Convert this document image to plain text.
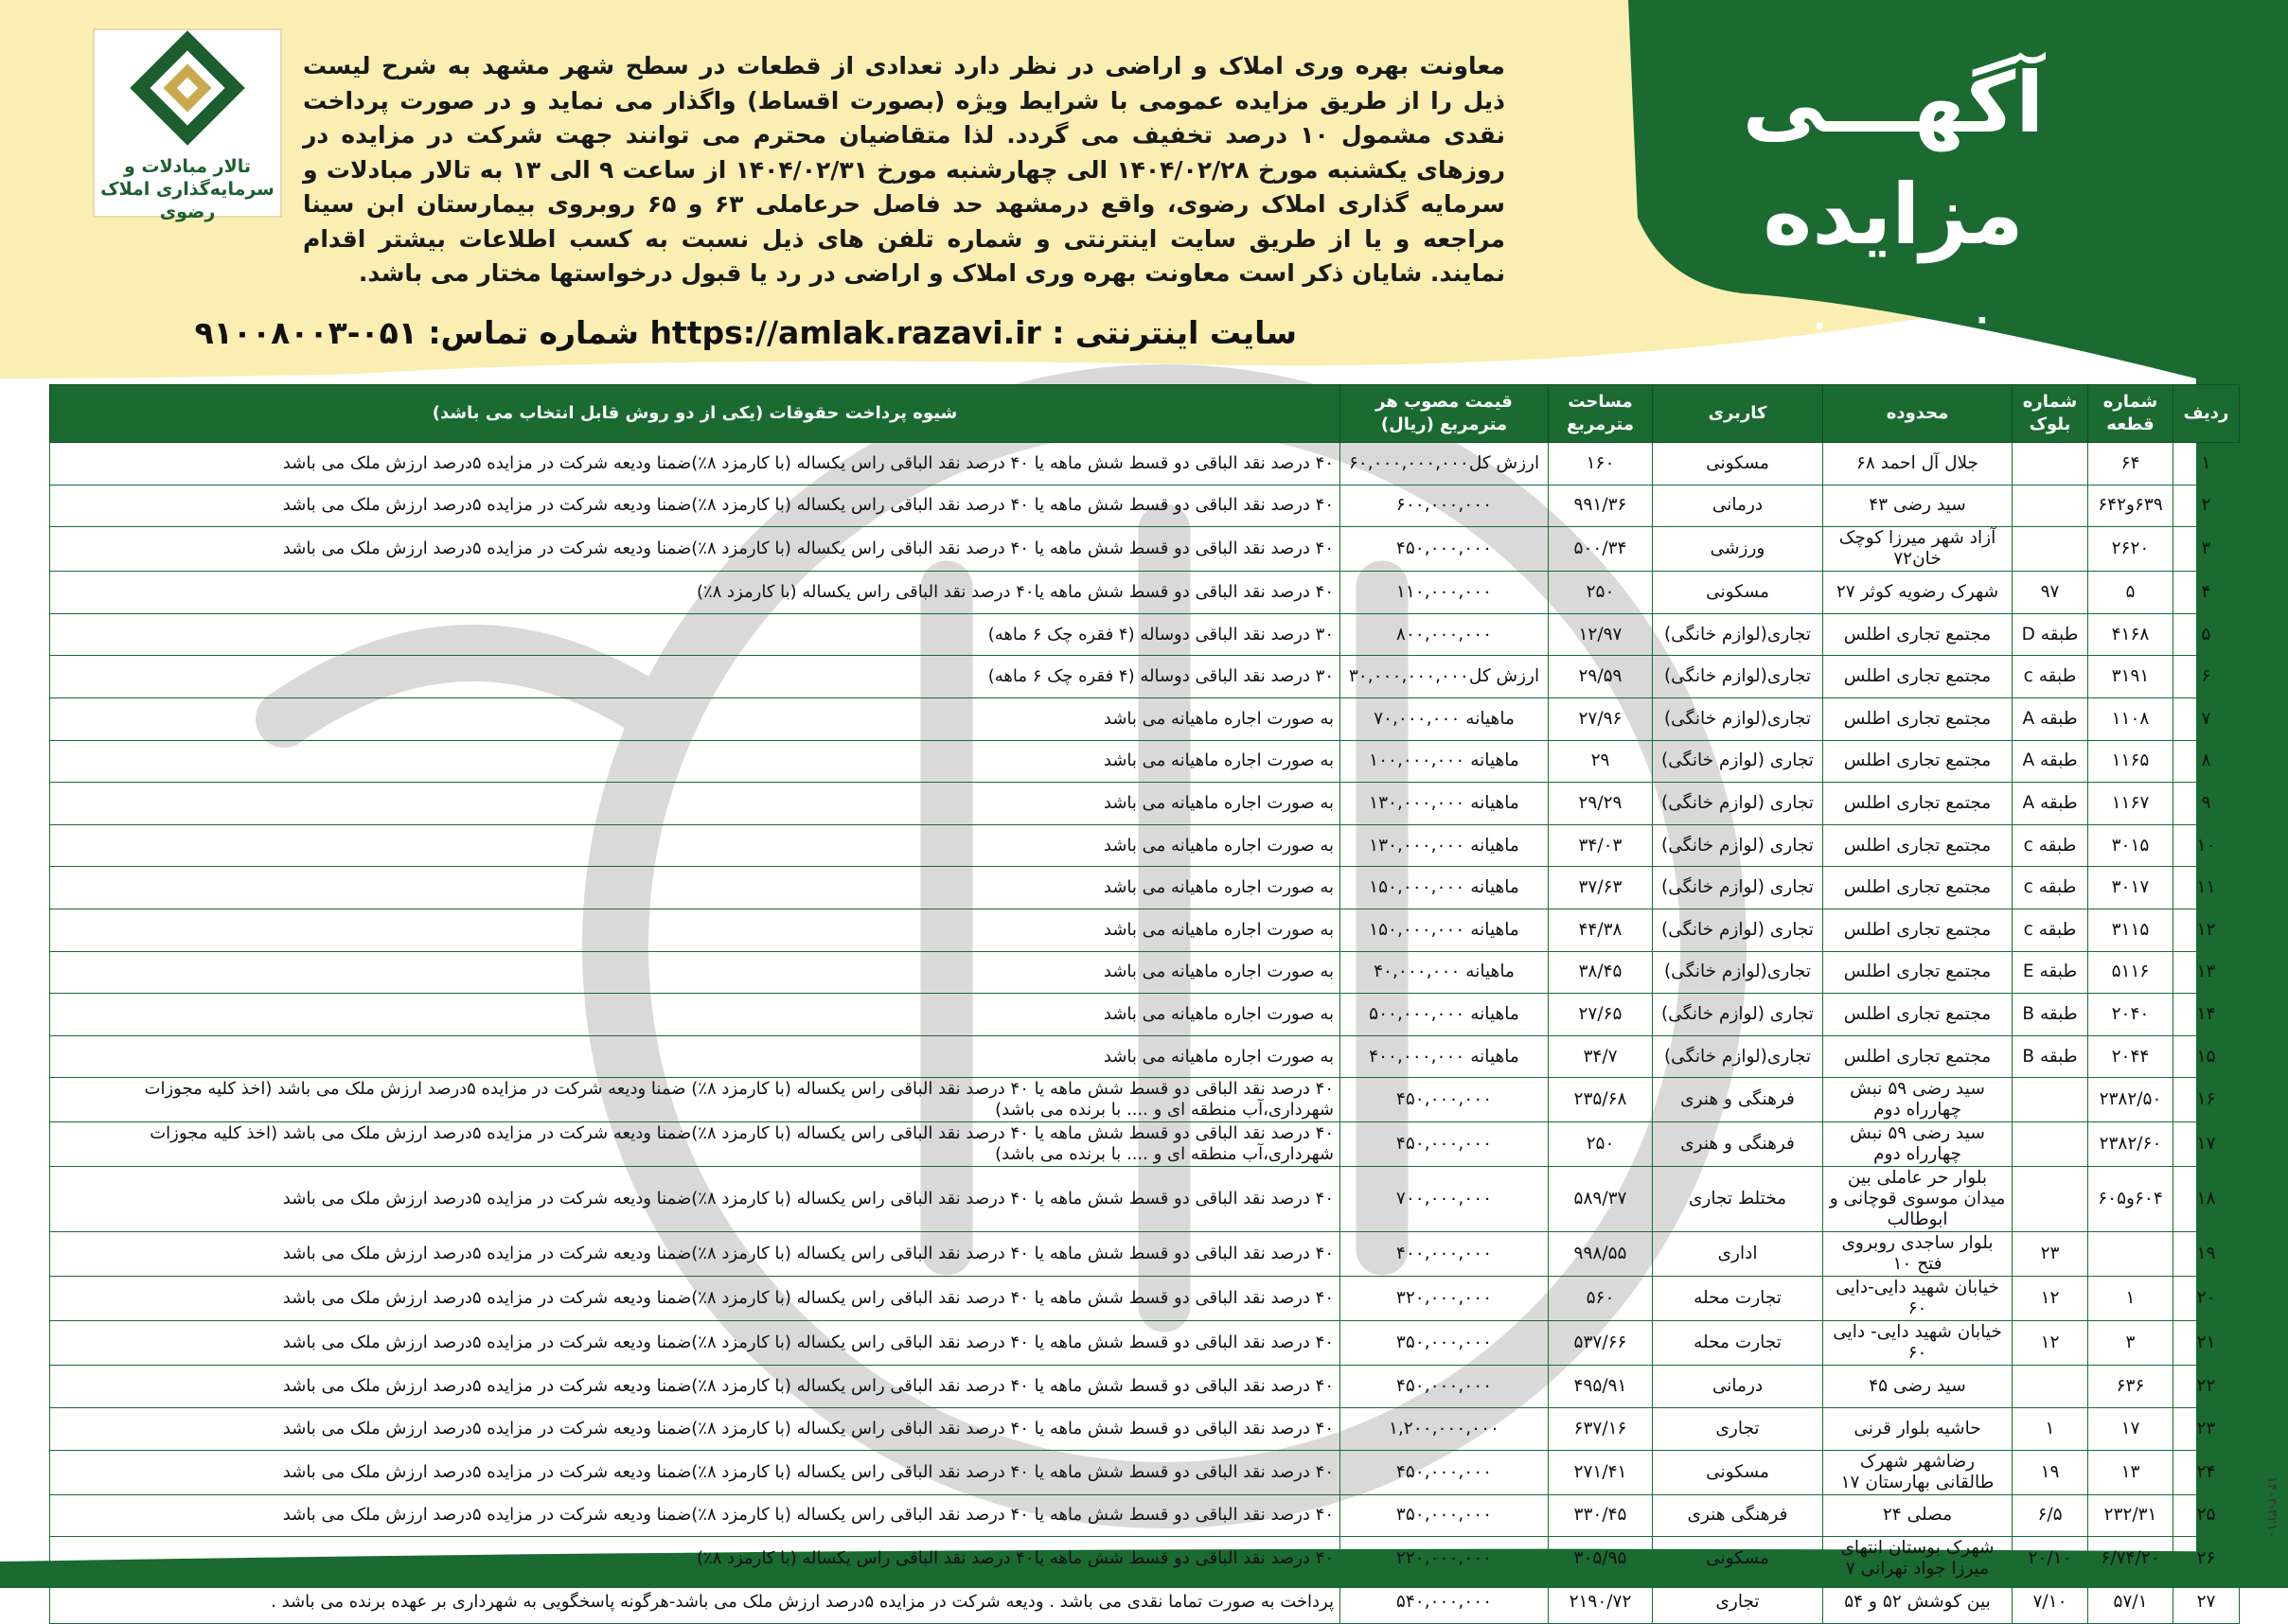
تالار مبادلات و
سرمایه‌گذاری املاک رضوی
آگهـــی
مزایده زمین
معاونت بهره وری املاک و اراضی در نظر دارد تعدادی از قطعات در سطح شهر مشهد به شرح لیست ذیل را از طریق مزایده عمومی با شرایط ویژه (بصورت اقساط) واگذار می نماید و در صورت پرداخت نقدی مشمول ۱۰ درصد تخفیف می گردد. لذا متقاضیان محترم می توانند جهت شرکت در مزایده در روزهای یکشنبه مورخ ۱۴۰۴/۰۲/۲۸ الی چهارشنبه مورخ ۱۴۰۴/۰۲/۳۱ از ساعت ۹ الی ۱۳ به تالار مبادلات و سرمایه گذاری املاک رضوی، واقع درمشهد حد فاصل حرعاملی ۶۳ و ۶۵ روبروی بیمارستان ابن سینا مراجعه و یا از طریق سایت اینترنتی و شماره تلفن های ذیل نسبت به کسب اطلاعات بیشتر اقدام نمایند. شایان ذکر است معاونت بهره وری املاک و اراضی در رد یا قبول درخواستها مختار می باشد.
سایت اینترنتی : https://amlak.razavi.ir شماره تماس: ۰۵۱-۹۱۰۰۸۰۰۳
ردیف	شماره قطعه	شماره بلوک	محدوده	کاربری	مساحت مترمربع	قیمت مصوب هر مترمربع (ریال)	شیوه پرداخت حقوقات (یکی از دو روش قابل انتخاب می باشد)
۱	۶۴		جلال آل احمد ۶۸	مسکونی	۱۶۰	ارزش کل۶۰,۰۰۰,۰۰۰,۰۰۰	۴۰ درصد نقد الباقی دو قسط شش ماهه یا ۴۰ درصد نقد الباقی راس یکساله (با کارمزد ۸٪)ضمنا ودیعه شرکت در مزایده ۵درصد ارزش ملک می باشد
۲	۶۳۹و۶۴۲		سید رضی ۴۳	درمانی	۹۹۱/۳۶	۶۰۰,۰۰۰,۰۰۰	۴۰ درصد نقد الباقی دو قسط شش ماهه یا ۴۰ درصد نقد الباقی راس یکساله (با کارمزد ۸٪)ضمنا ودیعه شرکت در مزایده ۵درصد ارزش ملک می باشد
۳	۲۶۲۰		آزاد شهر میرزا کوچک خان۷۲	ورزشی	۵۰۰/۳۴	۴۵۰,۰۰۰,۰۰۰	۴۰ درصد نقد الباقی دو قسط شش ماهه یا ۴۰ درصد نقد الباقی راس یکساله (با کارمزد ۸٪)ضمنا ودیعه شرکت در مزایده ۵درصد ارزش ملک می باشد
۴	۵	۹۷	شهرک رضویه کوثر ۲۷	مسکونی	۲۵۰	۱۱۰,۰۰۰,۰۰۰	۴۰ درصد نقد الباقی دو قسط شش ماهه یا۴۰ درصد نقد الباقی راس یکساله (با کارمزد ۸٪)
۵	۴۱۶۸	طبقه D	مجتمع تجاری اطلس	تجاری(لوازم خانگی)	۱۲/۹۷	۸۰۰,۰۰۰,۰۰۰	۳۰ درصد نقد الباقی دوساله (۴ فقره چک ۶ ماهه)
۶	۳۱۹۱	طبقه c	مجتمع تجاری اطلس	تجاری(لوازم خانگی)	۲۹/۵۹	ارزش کل۳۰,۰۰۰,۰۰۰,۰۰۰	۳۰ درصد نقد الباقی دوساله (۴ فقره چک ۶ ماهه)
۷	۱۱۰۸	طبقه A	مجتمع تجاری اطلس	تجاری(لوازم خانگی)	۲۷/۹۶	ماهیانه ۷۰,۰۰۰,۰۰۰	به صورت اجاره ماهیانه می باشد
۸	۱۱۶۵	طبقه A	مجتمع تجاری اطلس	تجاری (لوازم خانگی)	۲۹	ماهیانه ۱۰۰,۰۰۰,۰۰۰	به صورت اجاره ماهیانه می باشد
۹	۱۱۶۷	طبقه A	مجتمع تجاری اطلس	تجاری (لوازم خانگی)	۲۹/۲۹	ماهیانه ۱۳۰,۰۰۰,۰۰۰	به صورت اجاره ماهیانه می باشد
۱۰	۳۰۱۵	طبقه c	مجتمع تجاری اطلس	تجاری (لوازم خانگی)	۳۴/۰۳	ماهیانه ۱۳۰,۰۰۰,۰۰۰	به صورت اجاره ماهیانه می باشد
۱۱	۳۰۱۷	طبقه c	مجتمع تجاری اطلس	تجاری (لوازم خانگی)	۳۷/۶۳	ماهیانه ۱۵۰,۰۰۰,۰۰۰	به صورت اجاره ماهیانه می باشد
۱۲	۳۱۱۵	طبقه c	مجتمع تجاری اطلس	تجاری (لوازم خانگی)	۴۴/۳۸	ماهیانه ۱۵۰,۰۰۰,۰۰۰	به صورت اجاره ماهیانه می باشد
۱۳	۵۱۱۶	طبقه E	مجتمع تجاری اطلس	تجاری(لوازم خانگی)	۳۸/۴۵	ماهیانه ۴۰,۰۰۰,۰۰۰	به صورت اجاره ماهیانه می باشد
۱۴	۲۰۴۰	طبقه B	مجتمع تجاری اطلس	تجاری (لوازم خانگی)	۲۷/۶۵	ماهیانه ۵۰۰,۰۰۰,۰۰۰	به صورت اجاره ماهیانه می باشد
۱۵	۲۰۴۴	طبقه B	مجتمع تجاری اطلس	تجاری(لوازم خانگی)	۳۴/۷	ماهیانه ۴۰۰,۰۰۰,۰۰۰	به صورت اجاره ماهیانه می باشد
۱۶	۲۳۸۲/۵۰		سید رضی ۵۹ نبش چهارراه دوم	فرهنگی و هنری	۲۳۵/۶۸	۴۵۰,۰۰۰,۰۰۰	۴۰ درصد نقد الباقی دو قسط شش ماهه یا ۴۰ درصد نقد الباقی راس یکساله (با کارمزد ۸٪) ضمنا ودیعه شرکت در مزایده ۵درصد ارزش ملک می باشد (اخذ کلیه مجوزات شهرداری،آب منطقه ای و .... با برنده می باشد)
۱۷	۲۳۸۲/۶۰		سید رضی ۵۹ نبش چهارراه دوم	فرهنگی و هنری	۲۵۰	۴۵۰,۰۰۰,۰۰۰	۴۰ درصد نقد الباقی دو قسط شش ماهه یا ۴۰ درصد نقد الباقی راس یکساله (با کارمزد ۸٪)ضمنا ودیعه شرکت در مزایده ۵درصد ارزش ملک می باشد (اخذ کلیه مجوزات شهرداری،آب منطقه ای و .... با برنده می باشد)
۱۸	۶۰۴و۶۰۵		بلوار حر عاملی بین میدان موسوی قوچانی و ابوطالب	مختلط تجاری	۵۸۹/۳۷	۷۰۰,۰۰۰,۰۰۰	۴۰ درصد نقد الباقی دو قسط شش ماهه یا ۴۰ درصد نقد الباقی راس یکساله (با کارمزد ۸٪)ضمنا ودیعه شرکت در مزایده ۵درصد ارزش ملک می باشد
۱۹		۲۳	بلوار ساجدی روبروی فتح ۱۰	اداری	۹۹۸/۵۵	۴۰۰,۰۰۰,۰۰۰	۴۰ درصد نقد الباقی دو قسط شش ماهه یا ۴۰ درصد نقد الباقی راس یکساله (با کارمزد ۸٪)ضمنا ودیعه شرکت در مزایده ۵درصد ارزش ملک می باشد
۲۰	۱	۱۲	خیابان شهید دایی-دایی ۶۰	تجارت محله	۵۶۰	۳۲۰,۰۰۰,۰۰۰	۴۰ درصد نقد الباقی دو قسط شش ماهه یا ۴۰ درصد نقد الباقی راس یکساله (با کارمزد ۸٪)ضمنا ودیعه شرکت در مزایده ۵درصد ارزش ملک می باشد
۲۱	۳	۱۲	خیابان شهید دایی- دایی ۶۰	تجارت محله	۵۳۷/۶۶	۳۵۰,۰۰۰,۰۰۰	۴۰ درصد نقد الباقی دو قسط شش ماهه یا ۴۰ درصد نقد الباقی راس یکساله (با کارمزد ۸٪)ضمنا ودیعه شرکت در مزایده ۵درصد ارزش ملک می باشد
۲۲	۶۳۶		سید رضی ۴۵	درمانی	۴۹۵/۹۱	۴۵۰,۰۰۰,۰۰۰	۴۰ درصد نقد الباقی دو قسط شش ماهه یا ۴۰ درصد نقد الباقی راس یکساله (با کارمزد ۸٪)ضمنا ودیعه شرکت در مزایده ۵درصد ارزش ملک می باشد
۲۳	۱۷	۱	حاشیه بلوار قرنی	تجاری	۶۳۷/۱۶	۱,۲۰۰,۰۰۰,۰۰۰	۴۰ درصد نقد الباقی دو قسط شش ماهه یا ۴۰ درصد نقد الباقی راس یکساله (با کارمزد ۸٪)ضمنا ودیعه شرکت در مزایده ۵درصد ارزش ملک می باشد
۲۴	۱۳	۱۹	رضاشهر شهرک طالقانی بهارستان ۱۷	مسکونی	۲۷۱/۴۱	۴۵۰,۰۰۰,۰۰۰	۴۰ درصد نقد الباقی دو قسط شش ماهه یا ۴۰ درصد نقد الباقی راس یکساله (با کارمزد ۸٪)ضمنا ودیعه شرکت در مزایده ۵درصد ارزش ملک می باشد
۲۵	۲۳۲/۳۱	۶/۵	مصلی ۲۴	فرهنگی هنری	۳۳۰/۴۵	۳۵۰,۰۰۰,۰۰۰	۴۰ درصد نقد الباقی دو قسط شش ماهه یا ۴۰ درصد نقد الباقی راس یکساله (با کارمزد ۸٪)ضمنا ودیعه شرکت در مزایده ۵درصد ارزش ملک می باشد
۲۶	۶/۷۴/۲۰	۲۰/۱۰	شهرک بوستان انتهای میرزا جواد تهرانی ۷	مسکونی	۳۰۵/۹۵	۲۲۰,۰۰۰,۰۰۰	۴۰ درصد نقد الباقی دو قسط شش ماهه یا۴۰ درصد نقد الباقی راس یکساله (با کارمزد ۸٪)
۲۷	۵۷/۱	۷/۱۰	بین کوشش ۵۲ و ۵۴	تجاری	۲۱۹۰/۷۲	۵۴۰,۰۰۰,۰۰۰	پرداخت به صورت تماما نقدی می باشد . ودیعه شرکت در مزایده ۵درصد ارزش ملک می باشد-هرگونه پاسخگویی به شهرداری بر عهده برنده می باشد .
۱۴۰۴-۳۲۱۰
